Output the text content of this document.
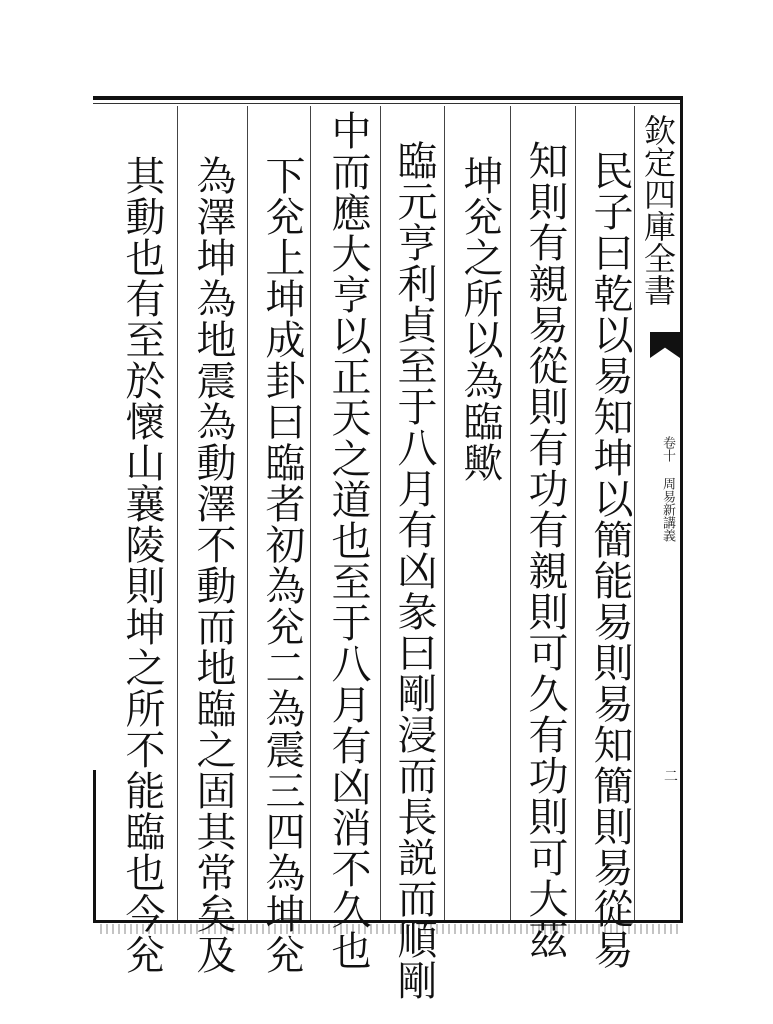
欽定四庫全書
卷十 周易新講義
二
民子曰乾以易知坤以簡能易則易知簡則易從易
知則有親易從則有功有親則可久有功則可大茲
坤兊之所以為臨歟
臨元亨利貞至于八月有凶彖曰剛浸而長説而順剛
中而應大亨以正天之道也至于八月有凶消不久也
下兊上坤成卦曰臨者初為兊二為震三四為坤兊
為澤坤為地震為動澤不動而地臨之固其常矣及
其動也有至於懷山襄陵則坤之所不能臨也今兊
